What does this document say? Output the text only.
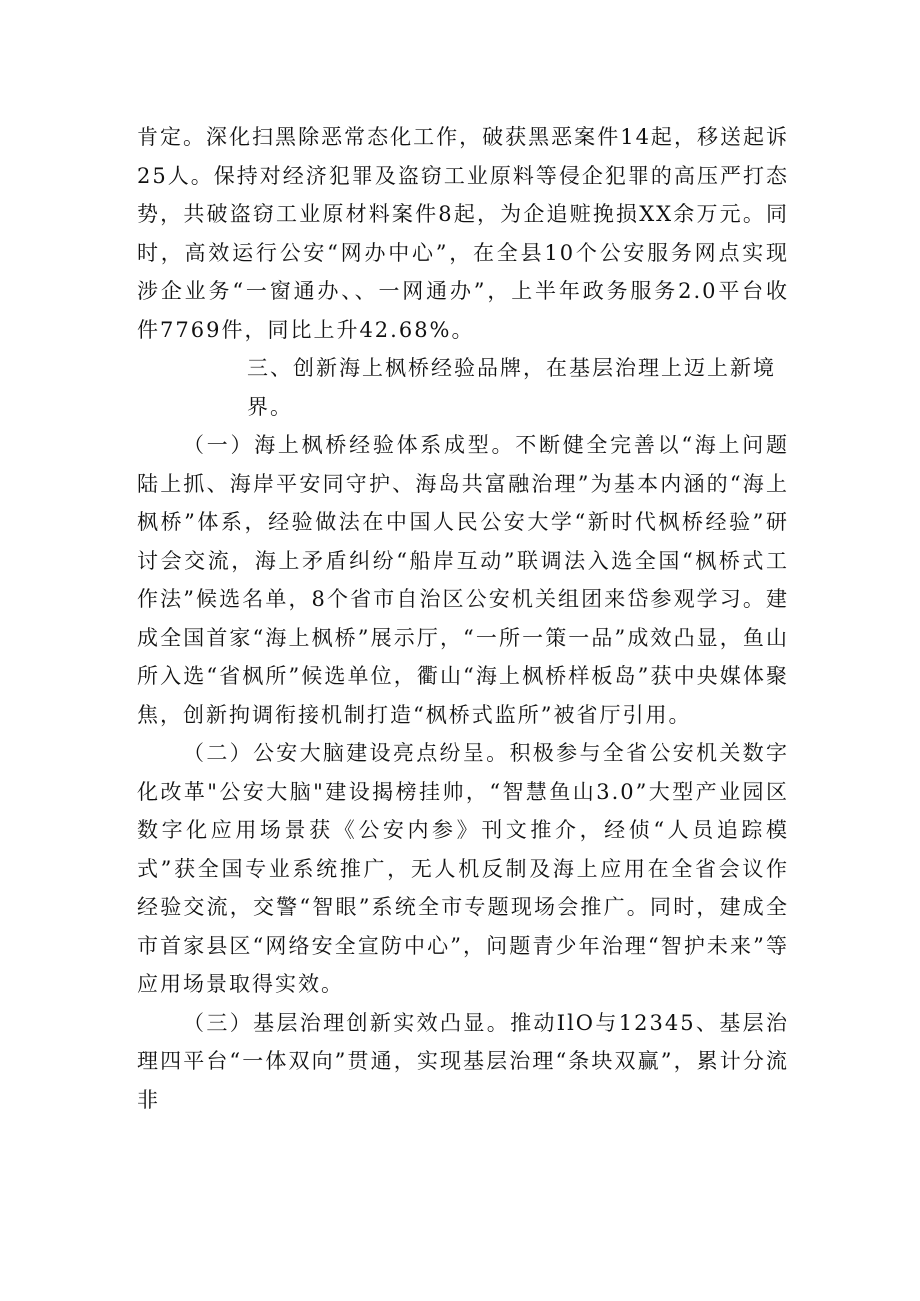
肯定。深化扫黑除恶常态化工作，破获黑恶案件14起，移送起诉25人。保持对经济犯罪及盗窃工业原料等侵企犯罪的高压严打态势，共破盗窃工业原材料案件8起，为企追赃挽损XX余万元。同时，高效运行公安“网办中心”，在全县10个公安服务网点实现涉企业务“一窗通办、、一网通办”，上半年政务服务2.0平台收件7769件，同比上升42.68%。

三、创新海上枫桥经验品牌，在基层治理上迈上新境界。

（一）海上枫桥经验体系成型。不断健全完善以“海上问题陆上抓、海岸平安同守护、海岛共富融治理”为基本内涵的“海上枫桥”体系，经验做法在中国人民公安大学“新时代枫桥经验”研讨会交流，海上矛盾纠纷“船岸互动”联调法入选全国“枫桥式工作法”候选名单，8个省市自治区公安机关组团来岱参观学习。建成全国首家“海上枫桥”展示厅，“一所一策一品”成效凸显，鱼山所入选“省枫所”候选单位，衢山“海上枫桥样板岛”获中央媒体聚焦，创新拘调衔接机制打造“枫桥式监所”被省厅引用。

（二）公安大脑建设亮点纷呈。积极参与全省公安机关数字化改革"公安大脑"建设揭榜挂帅，“智慧鱼山3.0”大型产业园区数字化应用场景获《公安内参》刊文推介，经侦“人员追踪模式”获全国专业系统推广，无人机反制及海上应用在全省会议作经验交流，交警“智眼”系统全市专题现场会推广。同时，建成全市首家县区“网络安全宣防中心”，问题青少年治理“智护未来”等应用场景取得实效。

（三）基层治理创新实效凸显。推动IlO与12345、基层治理四平台“一体双向”贯通，实现基层治理“条块双赢”，累计分流非
